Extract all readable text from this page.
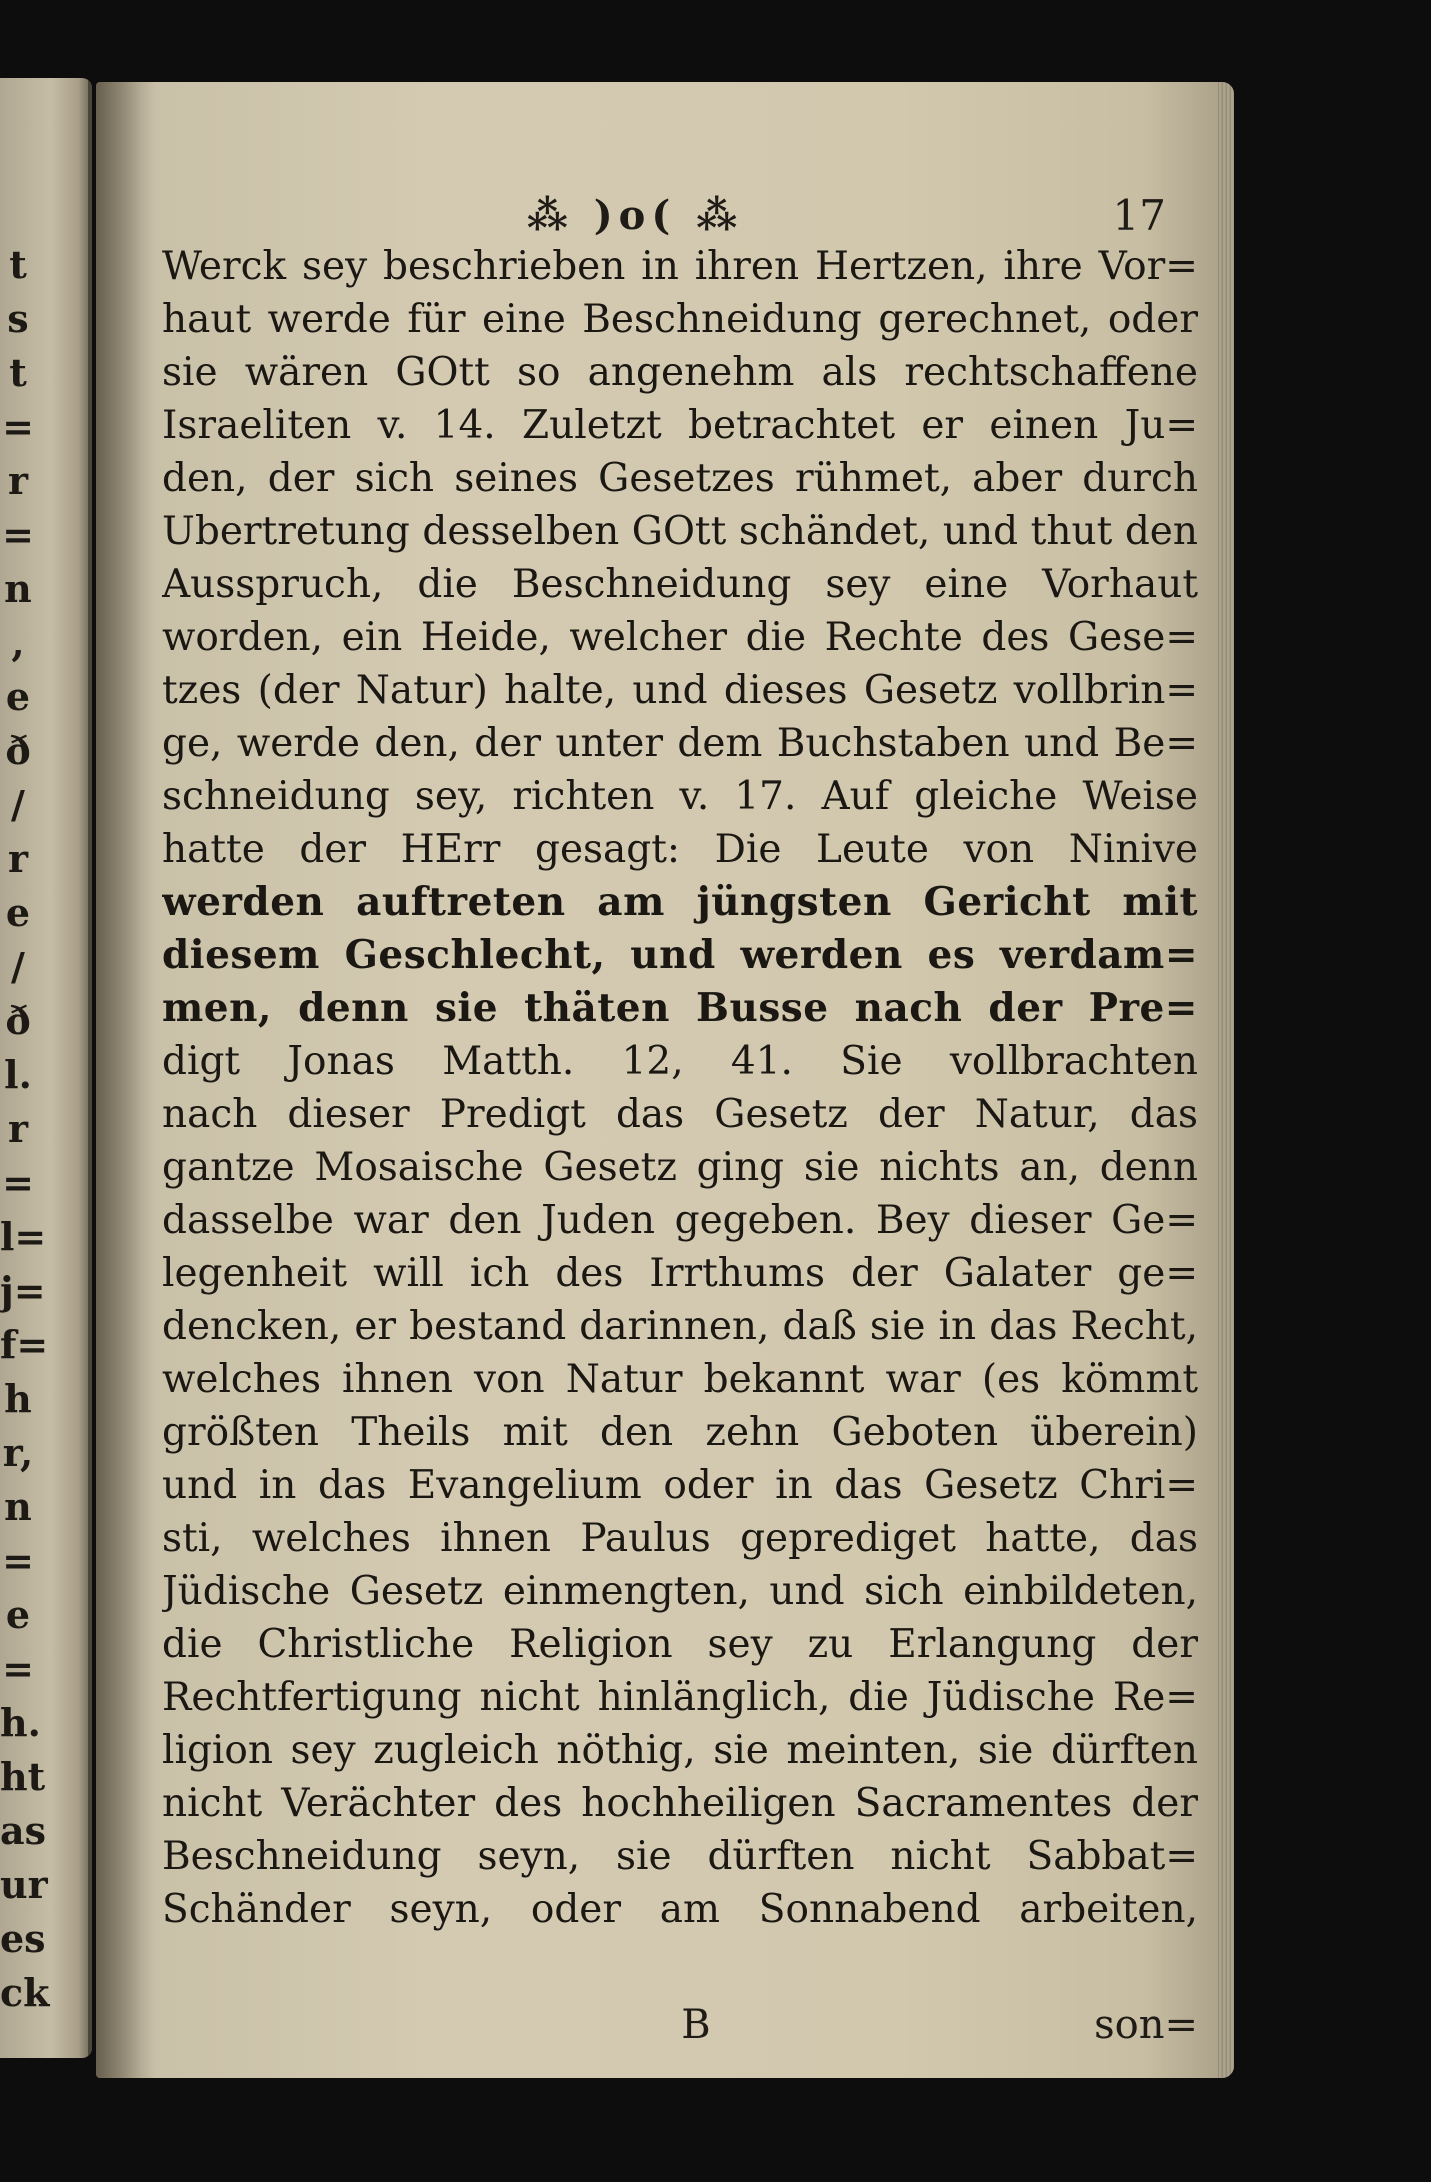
t
s
t
=
r
=
n
,
e
ð
/
r
e
/
ð
l.
r
=
l=
j=
f=
h
r,
n
=
e
=
h.
ht
as
ur
es
ck
⁂ )o( ⁂	17
Werck sey beschrieben in ihren Hertzen, ihre Vor=
haut werde für eine Beschneidung gerechnet, oder
sie wären GOtt so angenehm als rechtschaffene
Israeliten v. 14. Zuletzt betrachtet er einen Ju=
den, der sich seines Gesetzes rühmet, aber durch
Ubertretung desselben GOtt schändet, und thut den
Ausspruch, die Beschneidung sey eine Vorhaut
worden, ein Heide, welcher die Rechte des Gese=
tzes (der Natur) halte, und dieses Gesetz vollbrin=
ge, werde den, der unter dem Buchstaben und Be=
schneidung sey, richten v. 17. Auf gleiche Weise
hatte der HErr gesagt: Die Leute von Ninive
werden auftreten am jüngsten Gericht mit
diesem Geschlecht, und werden es verdam=
men, denn sie thäten Busse nach der Pre=
digt Jonas Matth. 12, 41. Sie vollbrachten
nach dieser Predigt das Gesetz der Natur, das
gantze Mosaische Gesetz ging sie nichts an, denn
dasselbe war den Juden gegeben. Bey dieser Ge=
legenheit will ich des Irrthums der Galater ge=
dencken, er bestand darinnen, daß sie in das Recht,
welches ihnen von Natur bekannt war (es kömmt
größten Theils mit den zehn Geboten überein)
und in das Evangelium oder in das Gesetz Chri=
sti, welches ihnen Paulus geprediget hatte, das
Jüdische Gesetz einmengten, und sich einbildeten,
die Christliche Religion sey zu Erlangung der
Rechtfertigung nicht hinlänglich, die Jüdische Re=
ligion sey zugleich nöthig, sie meinten, sie dürften
nicht Verächter des hochheiligen Sacramentes der
Beschneidung seyn, sie dürften nicht Sabbat=
Schänder seyn, oder am Sonnabend arbeiten,
B	son=
